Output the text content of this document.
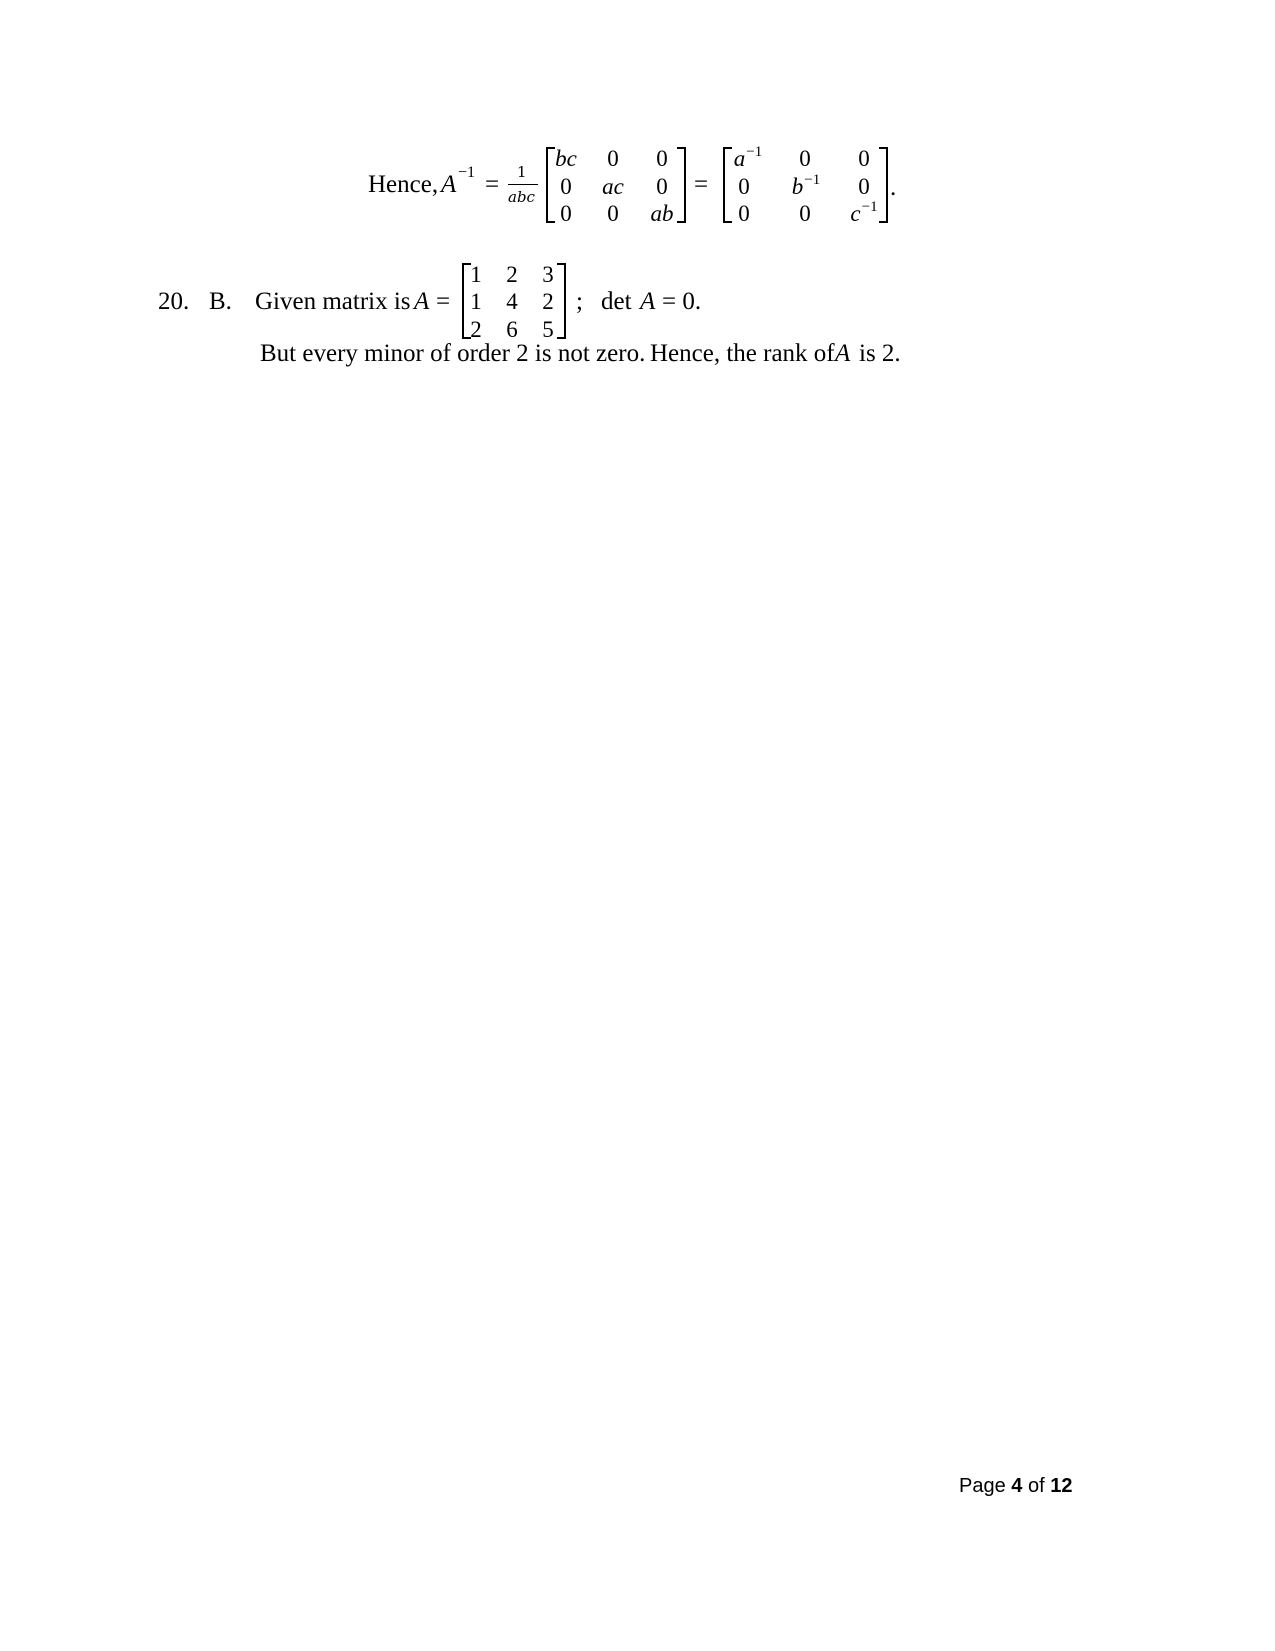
Hence, A −1 = 1
abc
bc 0 0
0 ac 0
0 0 ab
=
$a^{-1}$ 0 0
0 $b^{-1}$ 0
0 0 $c^{-1}$
.
20. B. Given matrix is A =
1 2 3
1 4 2
2 6 5
; det A = 0.
But every minor of order 2 is not zero. Hence, the rank of A is 2.
Page 4 of 12
